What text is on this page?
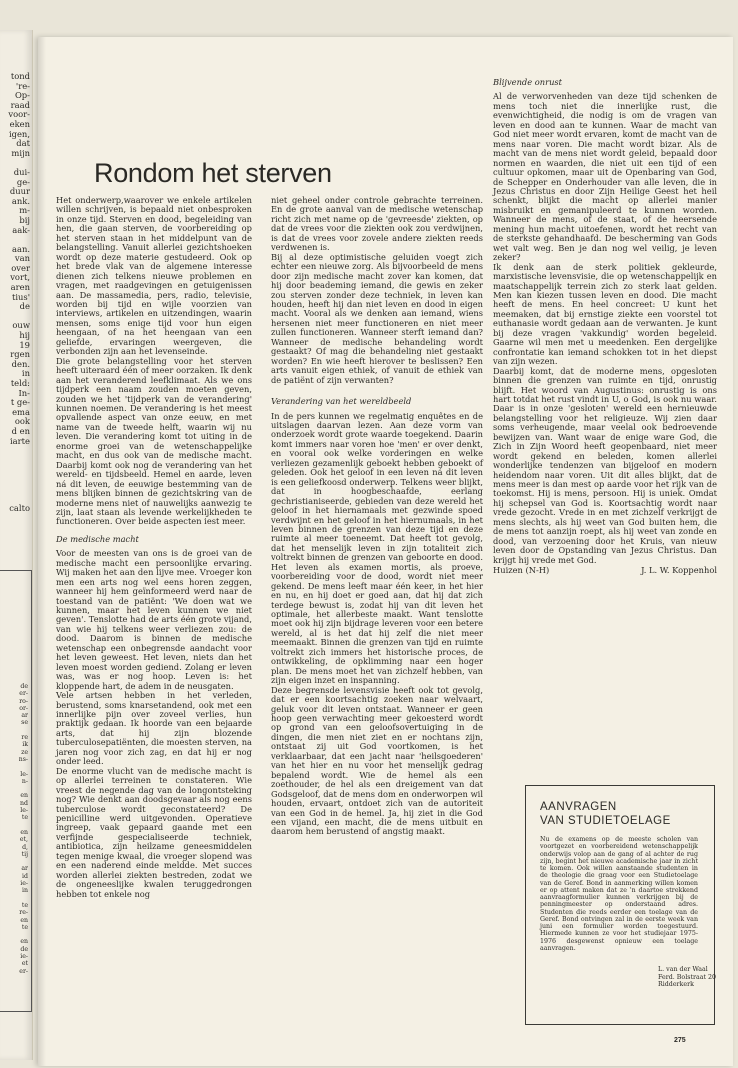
tond
're-
Op-
raad
voor-
eken
igen,
dat
mijn
dui-
ge-
duur
ank.
m-
bij
aak-
aan.
van
over
vort,
aren
tius'
de
ouw
hij
19
rgen
den.
in
teld:
In-
t ge-
ema
ook
d en
iarte
calto
de
er-
ro-
or-
ar
se
re
ik
ze
ns-
le-
n-
en
nd
le-
te
en
et,
d,
tij
ar
id
ie-
in
te
re-
en
te
en
de
ie-
et
er-
Rondom het sterven

Het onderwerp,waarover we enkele artikelen willen schrijven, is bepaald niet onbesproken in onze tijd. Sterven en dood, begeleiding van hen, die gaan sterven, de voorbereiding op het sterven staan in het middelpunt van de belangstelling. Vanuit allerlei gezichtshoeken wordt op deze materie gestudeerd. Ook op het brede vlak van de algemene interesse dienen zich telkens nieuwe problemen en vragen, met raadgevingen en getuigenissen aan. De massamedia, pers, radio, televisie, worden bij tijd en wijle voorzien van interviews, artikelen en uitzendingen, waarin mensen, soms enige tijd voor hun eigen heengaan, of na het heengaan van een geliefde, ervaringen weergeven, die verbonden zijn aan het levenseinde.

Die grote belangstelling voor het sterven heeft uiteraard één of meer oorzaken. Ik denk aan het veranderend leefklimaat. Als we ons tijdperk een naam zouden moeten geven, zouden we het 'tijdperk van de verandering' kunnen noemen. De verandering is het meest opvallende aspect van onze eeuw, en met name van de tweede helft, waarin wij nu leven. Die verandering komt tot uiting in de enorme groei van de wetenschappelijke macht, en dus ook van de medische macht. Daarbij komt ook nog de verandering van het wereld- en tijdsbeeld. Hemel en aarde, leven ná dit leven, de eeuwige bestemming van de mens blijken binnen de gezichtskring van de moderne mens niet of nauwelijks aanwezig te zijn, laat staan als levende werkelijkheden te functioneren. Over beide aspecten iest meer.

De medische macht

Voor de meesten van ons is de groei van de medische macht een persoonlijke ervaring. Wij maken het aan den lijve mee. Vroeger kon men een arts nog wel eens horen zeggen, wanneer hij hem geïnformeerd werd naar de toestand van de patiënt: 'We doen wat we kunnen, maar het leven kunnen we niet geven'. Tenslotte had de arts één grote vijand, van wie hij telkens weer verliezen zou: de dood. Daarom is binnen de medische wetenschap een onbegrensde aandacht voor het leven geweest. Het leven, niets dan het leven moest worden gediend. Zolang er leven was, was er nog hoop. Leven is: het kloppende hart, de adem in de neusgaten.

Vele artsen hebben in het verleden, berustend, soms knarsetandend, ook met een innerlijke pijn over zoveel verlies, hun praktijk gedaan. Ik hoorde van een bejaarde arts, dat hij zijn blozende tuberculosepatiënten, die moesten sterven, na jaren nog voor zich zag, en dat hij er nog onder leed.

De enorme vlucht van de medische macht is op allerlei terreinen te constateren. Wie vreest de negende dag van de longontsteking nog? Wie denkt aan doodsgevaar als nog eens tuberculose wordt geconstateerd? De penicilline werd uitgevonden. Operatieve ingreep, vaak gepaard gaande met een verfijnde gespecialiseerde techniek, antibiotica, zijn heilzame geneesmiddelen tegen menige kwaal, die vroeger slopend was en een naderend einde meldde. Met succes worden allerlei ziekten bestreden, zodat we de ongeneeslijke kwalen teruggedrongen hebben tot enkele nog

niet geheel onder controle gebrachte terreinen. En de grote aanval van de medische wetenschap richt zich met name op de 'gevreesde' ziekten, op dat de vrees voor die ziekten ook zou verdwijnen, is dat de vrees voor zovele andere ziekten reeds verdwenen is.

Bij al deze optimistische geluiden voegt zich echter een nieuwe zorg. Als bijvoorbeeld de mens door zijn medische macht zover kan komen, dat hij door beademing iemand, die gewis en zeker zou sterven zonder deze techniek, in leven kan houden, heeft hij dan niet leven en dood in eigen macht. Vooral als we denken aan iemand, wiens hersenen niet meer functioneren en niet meer zullen functioneren. Wanneer sterft iemand dan? Wanneer de medische behandeling wordt gestaakt? Of mag die behandeling niet gestaakt worden? En wie heeft hierover te beslissen? Een arts vanuit eigen ethiek, of vanuit de ethiek van de patiënt of zijn verwanten?

Verandering van het wereldbeeld

In de pers kunnen we regelmatig enquêtes en de uitslagen daarvan lezen. Aan deze vorm van onderzoek wordt grote waarde toegekend. Daarin komt immers naar voren hoe 'men' er over denkt, en vooral ook welke vorderingen en welke verliezen gezamenlijk geboekt hebben geboekt of geleden. Ook het geloof in een leven ná dit leven is een geliefkoosd onderwerp. Telkens weer blijkt, dat in hoogbeschaafde, eerlang gechristianiseerde, gebieden van deze wereld het geloof in het hiernamaals met gezwinde spoed verdwijnt en het geloof in het hiernumaals, in het leven binnen de grenzen van deze tijd en deze ruimte al meer toeneemt. Dat heeft tot gevolg, dat het menselijk leven in zijn totaliteit zich voltrekt binnen de grenzen van geboorte en dood. Het leven als examen mortis, als proeve, voorbereiding voor de dood, wordt niet meer gekend. De mens leeft maar één keer, in het hier en nu, en hij doet er goed aan, dat hij dat zich terdege bewust is, zodat hij van dit leven het optimale, het allerbeste maakt. Want tenslotte moet ook hij zijn bijdrage leveren voor een betere wereld, al is het dat hij zelf die niet meer meemaakt. Binnen die grenzen van tijd en ruimte voltrekt zich immers het historische proces, de ontwikkeling, de opklimming naar een hoger plan. De mens moet het van zichzelf hebben, van zijn eigen inzet en inspanning.

Deze begrensde levensvisie heeft ook tot gevolg, dat er een koortsachtig zoeken naar welvaart, geluk voor dit leven ontstaat. Wanneer er geen hoop geen verwachting meer gekoesterd wordt op grond van een geloofsovertuiging in de dingen, die men niet ziet en er nochtans zijn, ontstaat zij uit God voortkomen, is het verklaarbaar, dat een jacht naar 'heilsgoederen' van het hier en nu voor het menselijk gedrag bepalend wordt. Wie de hemel als een zoethouder, de hel als een dreigement van dat Godsgeloof, dat de mens dom en onderworpen wil houden, ervaart, ontdoet zich van de autoriteit van een God in de hemel. Ja, hij ziet in die God een vijand, een macht, die de mens uitbuit en daarom hem berustend of angstig maakt.

Blijvende onrust

Al de verworvenheden van deze tijd schenken de mens toch niet die innerlijke rust, die evenwichtigheid, die nodig is om de vragen van leven en dood aan te kunnen. Waar de macht van God niet meer wordt ervaren, komt de macht van de mens naar voren. Die macht wordt bizar. Als de macht van de mens niet wordt geleid, bepaald door normen en waarden, die niet uit een tijd of een cultuur opkomen, maar uit de Openbaring van God, de Schepper en Onderhouder van alle leven, die in Jezus Christus en door Zijn Heilige Geest het heil schenkt, blijkt die macht op allerlei manier misbruikt en gemanipuleerd te kunnen worden. Wanneer de mens, of de staat, of de heersende mening hun macht uitoefenen, wordt het recht van de sterkste gehandhaafd. De bescherming van Gods wet valt weg. Ben je dan nog wel veilig, je leven zeker?

Ik denk aan de sterk politiek gekleurde, marxistische levensvisie, die op wetenschappelijk en maatschappelijk terrein zich zo sterk laat gelden. Men kan kiezen tussen leven en dood. Die macht heeft de mens. En heel concreet: U kunt het meemaken, dat bij ernstige ziekte een voorstel tot euthanasie wordt gedaan aan de verwanten. Je kunt bij deze vragen 'vakkundig' worden begeleid. Gaarne wil men met u meedenken. Een dergelijke confrontatie kan iemand schokken tot in het diepst van zijn wezen.

Daarbij komt, dat de moderne mens, opgesloten binnen die grenzen van ruimte en tijd, onrustig blijft. Het woord van Augustinus: onrustig is ons hart totdat het rust vindt in U, o God, is ook nu waar. Daar is in onze 'gesloten' wereld een hernieuwde belangstelling voor het religieuze. Wij zien daar soms verheugende, maar veelal ook bedroevende bewijzen van. Want waar de enige ware God, die Zich in Zijn Woord heeft geopenbaard, niet meer wordt gekend en beleden, komen allerlei wonderlijke tendenzen van bijgeloof en modern heidendom naar voren. Uit dit alles blijkt, dat de mens meer is dan mest op aarde voor het rijk van de toekomst. Hij is mens, persoon. Hij is uniek. Omdat hij schepsel van God is. Koortsachtig wordt naar vrede gezocht. Vrede in en met zichzelf verkrijgt de mens slechts, als hij weet van God buiten hem, die de mens tot aanzijn roept, als hij weet van zonde en dood, van verzoening door het Kruis, van nieuw leven door de Opstanding van Jezus Christus. Dan krijgt hij vrede met God.

Huizen (N-H)	J. L. W. Koppenhol
AANVRAGEN
VAN STUDIETOELAGE

Nu de examens op de meeste scholen van voortgezet en voorbereidend wetenschappelijk onderwijs volop aan de gang of al achter de rug zijn, begint het nieuwe academische jaar in zicht te komen. Ook willen aanstaande studenten in de theologie die graag voor een Studietoelage van de Geref. Bond in aanmerking willen komen er op attent maken dat ze 'n daartoe strekkend aanvraagformulier kunnen verkrijgen bij de penningmeester op onderstaand adres. Studenten die reeds eerder een toelage van de Geref. Bond ontvingen zal in de eerste week van juni een formulier worden toegestuurd. Hiermede kunnen ze voor het studiejaar 1975-1976 desgewenst opnieuw een toelage aanvragen.

L. van der Waal
Ferd. Bolstraat 20
Ridderkerk
275
